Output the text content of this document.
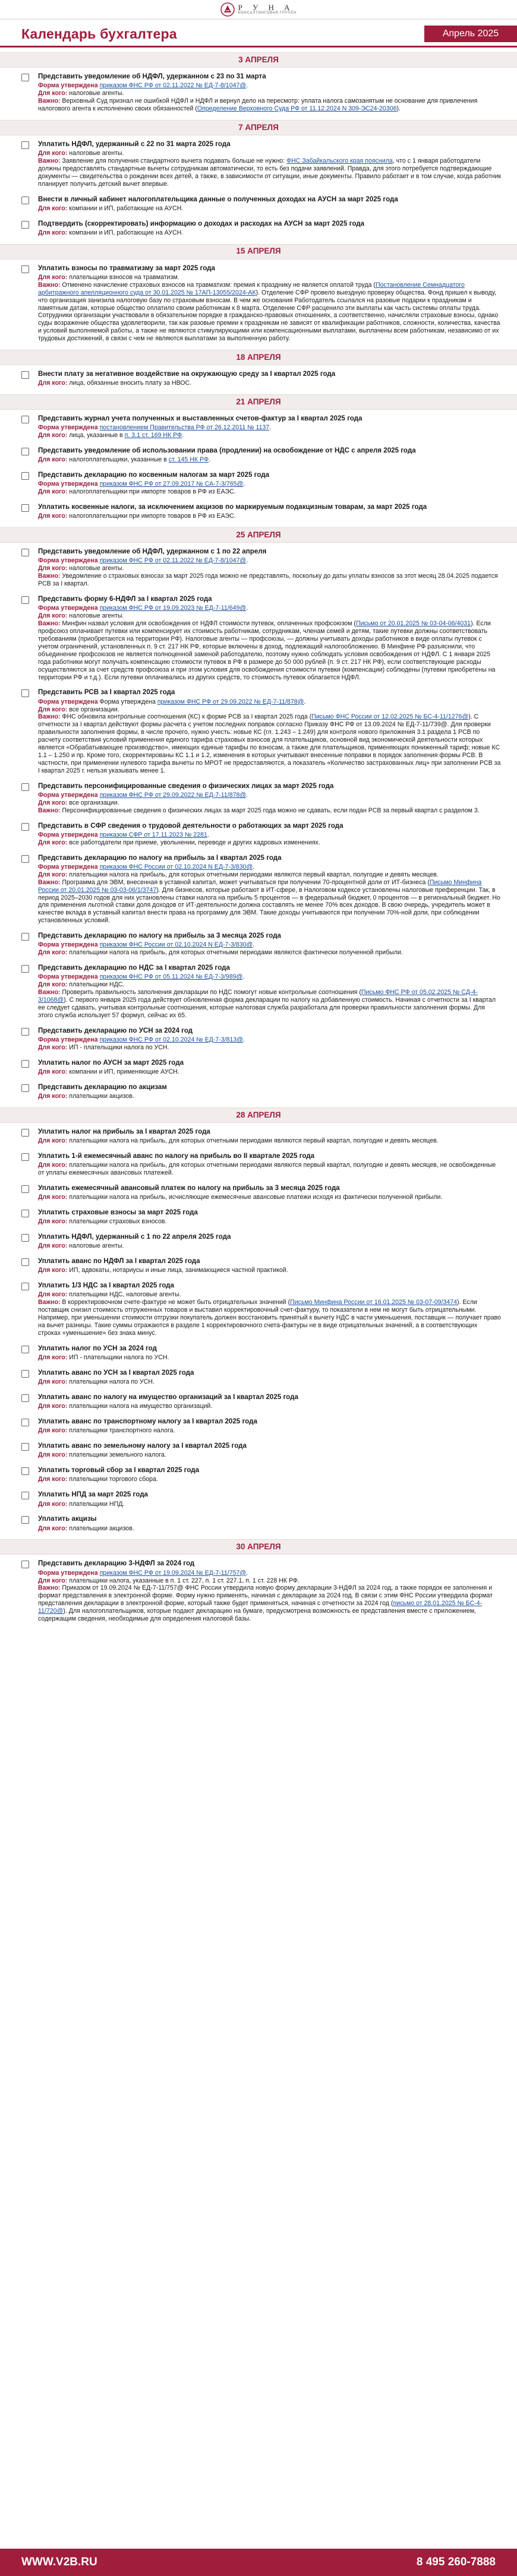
Р У Н А
КОНСАЛТИНГОВАЯ ГРУППА
Календарь бухгалтера	Апрель 2025
3 АПРЕЛЯ
Представить уведомление об НДФЛ, удержанном с 23 по 31 марта
Форма утверждена приказом ФНС РФ от 02.11.2022 № ЕД-7-8/1047@.
Для кого: налоговые агенты.
Важно: Верховный Суд признал не ошибкой НДФЛ и НДФЛ и вернул дело на пересмотр: уплата налога самозанятым не основание для привлечения налогового агента к исполнению своих обязанностей (Определение Верховного Суда РФ от 11.12.2024 N 309-ЭС24-20306).
7 АПРЕЛЯ
Уплатить НДФЛ, удержанный с 22 по 31 марта 2025 года
Для кого: налоговые агенты.
Важно: Заявление для получения стандартного вычета подавать больше не нужно: ФНС Забайкальского края пояснила, что с 1 января работодатели должны предоставлять стандартные вычеты сотрудникам автоматически, то есть без подачи заявлений. Правда, для этого потребуется подтверждающие документы — свидетельства о рождении всех детей, а также, в зависимости от ситуации, иные документы. Правило работает и в том случае, когда работник планирует получить детский вычет впервые.
Внести в личный кабинет налогоплательщика данные о полученных доходах на АУСН за март 2025 года
Для кого: компании и ИП, работающие на АУСН.
Подтвердить (скорректировать) информацию о доходах и расходах на АУСН за март 2025 года
Для кого: компании и ИП, работающие на АУСН.
15 АПРЕЛЯ
Уплатить взносы по травматизму за март 2025 года
Для кого: плательщики взносов на травматизм.
Важно: Отменено начисление страховых взносов на травматизм: премия к празднику не является оплатой труда (Постановление Семнадцатого арбитражного апелляционного суда от 30.01.2025 № 17АП-13055/2024-АК). Отделение СФР провело выездную проверку общества. Фонд пришел к выводу, что организация занизила налоговую базу по страховым взносам. В чем же основания Работодатель ссылался на разовые подарки к праздникам и памятным датам, которые общество оплатило своим работникам к 8 марта. Отделение СФР расценило эти выплаты как часть системы оплаты труда. Сотрудники организации участвовали в обязательном порядке в гражданско-правовых отношениях, а соответственно, начисляли страховые взносы, однако суды возражение общества удовлетворили, так как разовые премии к праздникам не зависят от квалификации работников, сложности, количества, качества и условий выполняемой работы, а также не являются стимулирующими или компенсационными выплатами, выплачены всем работникам, независимо от их трудовых достижений, в связи с чем не являются выплатами за выполненную работу.
18 АПРЕЛЯ
Внести плату за негативное воздействие на окружающую среду за I квартал 2025 года
Для кого: лица, обязанные вносить плату за НВОС.
21 АПРЕЛЯ
Представить журнал учета полученных и выставленных счетов-фактур за I квартал 2025 года
Форма утверждена постановлением Правительства РФ от 26.12.2011 № 1137.
Для кого: лица, указанные в п. 3.1 ст. 169 НК РФ.
Представить уведомление об использовании права (продлении) на освобождение от НДС с апреля 2025 года
Для кого: налогоплательщики, указанные в ст. 145 НК РФ.
Представить декларацию по косвенным налогам за март 2025 года
Форма утверждена приказом ФНС РФ от 27.09.2017 № СА-7-3/765@.
Для кого: налогоплательщики при импорте товаров в РФ из ЕАЭС.
Уплатить косвенные налоги, за исключением акцизов по маркируемым подакцизным товарам, за март 2025 года
Для кого: налогоплательщики при импорте товаров в РФ из ЕАЭС.
25 АПРЕЛЯ
Представить уведомление об НДФЛ, удержанном с 1 по 22 апреля
Форма утверждена приказом ФНС РФ от 02.11.2022 № ЕД-7-8/1047@.
Для кого: налоговые агенты.
Важно: Уведомление о страховых взносах за март 2025 года можно не представлять, поскольку до даты уплаты взносов за этот месяц 28.04.2025 подается РСВ за I квартал.
Представить форму 6-НДФЛ за I квартал 2025 года
Форма утверждена приказом ФНС РФ от 19.09.2023 № ЕД-7-11/649@.
Для кого: налоговые агенты.
Важно: Минфин назвал условия для освобождения от НДФЛ стоимости путевок, оплаченных профсоюзом (Письмо от 20.01.2025 № 03-04-06/4031). Если профсоюз оплачивает путевки или компенсирует их стоимость работникам, сотрудникам, членам семей и детям, такие путевки должны соответствовать требованиям (приобретаются на территории РФ). Налоговые агенты — профсоюзы, — должны учитывать доходы работников в виде оплаты путевок с учетом ограничений, установленных п. 9 ст. 217 НК РФ, которые включены в доход, подлежащий налогообложению. В Минфине РФ разъяснили, что объединение профсоюзов не является полноценной заменой работодателю, поэтому нужно соблюдать условия освобождения от НДФЛ. С 1 января 2025 года работники могут получать компенсацию стоимости путевок в РФ в размере до 50 000 рублей (п. 9 ст. 217 НК РФ), если соответствующие расходы осуществляются за счет средств профсоюза и при этом условия для освобождения стоимости путевки (компенсации) соблюдены (путевки приобретены на территории РФ и т.д.). Если путевки оплачивались из других средств, то стоимость путевок облагается НДФЛ.
Представить РСВ за I квартал 2025 года
Форма утверждена Форма утверждена приказом ФНС РФ от 29.09.2022 № ЕД-7-11/878@.
Для кого: все организации.
Важно: ФНС обновила контрольные соотношения (КС) к форме РСВ за I квартал 2025 года (Письмо ФНС России от 12.02.2025 № БС-4-11/1276@). С отчетности за I квартал действуют формы расчета с учетом последних поправок согласно Приказу ФНС РФ от 13.09.2024 № ЕД-7-11/739@. Для проверки правильности заполнения формы, в числе прочего, нужно учесть: новые КС (гл. 1.243 – 1.249) для контроля нового приложения 3.1 раздела 1 РСВ по расчету соответствия условий применения единого тарифа страховых взносов для плательщиков, основной вид экономической деятельности которых является «Обрабатывающее производство», имеющих единые тарифы по взносам, а также для плательщиков, применяющих пониженный тариф; новые КС 1.1 – 1.250 и пр. Кроме того, скорректированы КС 1.1 и 1.2, изменения в которых учитывают внесенные поправки в порядок заполнения формы РСВ. В частности, при применении нулевого тарифа вычеты по МРОТ не предоставляются, а показатель «Количество застрахованных лиц» при заполнении РСВ за I квартал 2025 г. нельзя указывать менее 1.
Представить персонифицированные сведения о физических лицах за март 2025 года
Форма утверждена приказом ФНС РФ от 29.09.2022 № ЕД-7-11/878@.
Для кого: все организации.
Важно: Персонифицированные сведения о физических лицах за март 2025 года можно не сдавать, если подан РСВ за первый квартал с разделом 3.
Представить в СФР сведения о трудовой деятельности о работающих за март 2025 года
Форма утверждена приказом СФР от 17.11.2023 № 2281.
Для кого: все работодатели при приеме, увольнении, переводе и других кадровых изменениях.
Представить декларацию по налогу на прибыль за I квартал 2025 года
Форма утверждена приказом ФНС России от 02.10.2024 N ЕД-7-3/830@.
Для кого: плательщики налога на прибыль, для которых отчетными периодами являются первый квартал, полугодие и девять месяцев.
Важно: Программа для ЭВМ, внесенная в уставной капитал, может учитываться при получении 70-процентной доли от ИТ-бизнеса (Письмо Минфина России от 20.01.2025 № 03-03-06/1/3747). Для бизнесов, которые работают в ИТ-сфере, в Налоговом кодексе установлены налоговые преференции. Так, в период 2025–2030 годов для них установлены ставки налога на прибыль 5 процентов — в федеральный бюджет, 0 процентов — в региональный бюджет. Но для применения льготной ставки доля доходов от ИТ-деятельности должна составлять не менее 70% всех доходов. В свою очередь, учредитель может в качестве вклада в уставный капитал внести права на программу для ЭВМ. Такие доходы учитываются при получении 70%-ной доли, при соблюдении установленных условий.
Представить декларацию по налогу на прибыль за 3 месяца 2025 года
Форма утверждена приказом ФНС России от 02.10.2024 N ЕД-7-3/830@.
Для кого: плательщики налога на прибыль, для которых отчетными периодами являются фактически полученной прибыли.
Представить декларацию по НДС за I квартал 2025 года
Форма утверждена приказом ФНС РФ от 05.11.2024 № ЕД-7-3/989@.
Для кого: плательщики НДС.
Важно: Проверить правильность заполнения декларации по НДС помогут новые контрольные соотношения (Письмо ФНС РФ от 05.02.2025 № СД-4-3/1068@). С первого января 2025 года действует обновленная форма декларации по налогу на добавленную стоимость. Начиная с отчетности за I квартал ее следует сдавать, учитывая контрольные соотношения, которые налоговая служба разработала для проверки правильности заполнения формы. Для этого служба использует 57 формул, сейчас их 65.
Представить декларацию по УСН за 2024 год
Форма утверждена приказом ФНС РФ от 02.10.2024 № ЕД-7-3/813@.
Для кого: ИП - плательщики налога по УСН.
Уплатить налог по АУСН за март 2025 года
Для кого: компании и ИП, применяющие АУСН.
Представить декларацию по акцизам
Для кого: плательщики акцизов.
28 АПРЕЛЯ
Уплатить налог на прибыль за I квартал 2025 года
Для кого: плательщики налога на прибыль, для которых отчетными периодами являются первый квартал, полугодие и девять месяцев.
Уплатить 1-й ежемесячный аванс по налогу на прибыль во II квартале 2025 года
Для кого: плательщики налога на прибыль, для которых отчетными периодами являются первый квартал, полугодие и девять месяцев, не освобожденные от уплаты ежемесячных авансовых платежей.
Уплатить ежемесячный авансовый платеж по налогу на прибыль за 3 месяца 2025 года
Для кого: плательщики налога на прибыль, исчисляющие ежемесячные авансовые платежи исходя из фактически полученной прибыли.
Уплатить страховые взносы за март 2025 года
Для кого: плательщики страховых взносов.
Уплатить НДФЛ, удержанный с 1 по 22 апреля 2025 года
Для кого: налоговые агенты.
Уплатить аванс по НДФЛ за I квартал 2025 года
Для кого: ИП, адвокаты, нотариусы и иные лица, занимающиеся частной практикой.
Уплатить 1/3 НДС за I квартал 2025 года
Для кого: плательщики НДС, налоговые агенты.
Важно: В корректировочном счете-фактуре не может быть отрицательных значений (Письмо Минфина России от 16.01.2025 № 03-07-09/3474). Если поставщик снизил стоимость отгруженных товаров и выставил корректировочный счет-фактуру, то показатели в нем не могут быть отрицательными. Например, при уменьшении стоимости отгрузки покупатель должен восстановить принятый к вычету НДС в части уменьшения, поставщик — получает право на вычет разницы. Такие суммы отражаются в разделе 1 корректировочного счета-фактуры не в виде отрицательных значений, а в соответствующих строках «уменьшение» без знака минус.
Уплатить налог по УСН за 2024 год
Для кого: ИП - плательщики налога по УСН.
Уплатить аванс по УСН за I квартал 2025 года
Для кого: плательщики налога по УСН.
Уплатить аванс по налогу на имущество организаций за I квартал 2025 года
Для кого: плательщики налога на имущество организаций.
Уплатить аванс по транспортному налогу за I квартал 2025 года
Для кого: плательщики транспортного налога.
Уплатить аванс по земельному налогу за I квартал 2025 года
Для кого: плательщики земельного налога.
Уплатить торговый сбор за I квартал 2025 года
Для кого: плательщики торгового сбора.
Уплатить НПД за март 2025 года
Для кого: плательщики НПД.
Уплатить акцизы
Для кого: плательщики акцизов.
30 АПРЕЛЯ
Представить декларацию 3-НДФЛ за 2024 год
Форма утверждена приказом ФНС РФ от 19.09.2024 № ЕД-7-11/757@.
Для кого: плательщики налога, указанные в п. 1 ст. 227, п. 1 ст. 227.1, п. 1 ст. 228 НК РФ.
Важно: Приказом от 19.09.2024 № ЕД-7-11/757@ ФНС России утвердила новую форму декларации 3-НДФЛ за 2024 год, а также порядок ее заполнения и формат представления в электронной форме. Форму нужно применять, начиная с декларации за 2024 год. В связи с этим ФНС России утвердила формат представления декларации в электронной форме, который также будет применяться, начиная с отчетности за 2024 год (письмо от 28.01.2025 № БС-4-11/720@). Для налогоплательщиков, которые подают декларацию на бумаге, предусмотрена возможность ее представления вместе с приложением, содержащим сведения, необходимые для определения налоговой базы.
WWW.V2B.RU	8 495 260-7888
